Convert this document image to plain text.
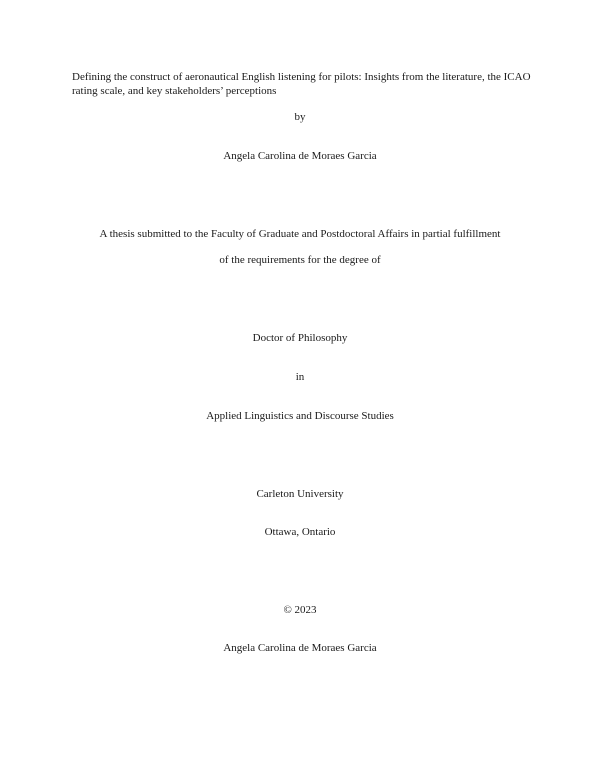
Defining the construct of aeronautical English listening for pilots: Insights from the literature, the ICAO rating scale, and key stakeholders’ perceptions
by
Angela Carolina de Moraes Garcia
A thesis submitted to the Faculty of Graduate and Postdoctoral Affairs in partial fulfillment
of the requirements for the degree of
Doctor of Philosophy
in
Applied Linguistics and Discourse Studies
Carleton University
Ottawa, Ontario
© 2023
Angela Carolina de Moraes Garcia
